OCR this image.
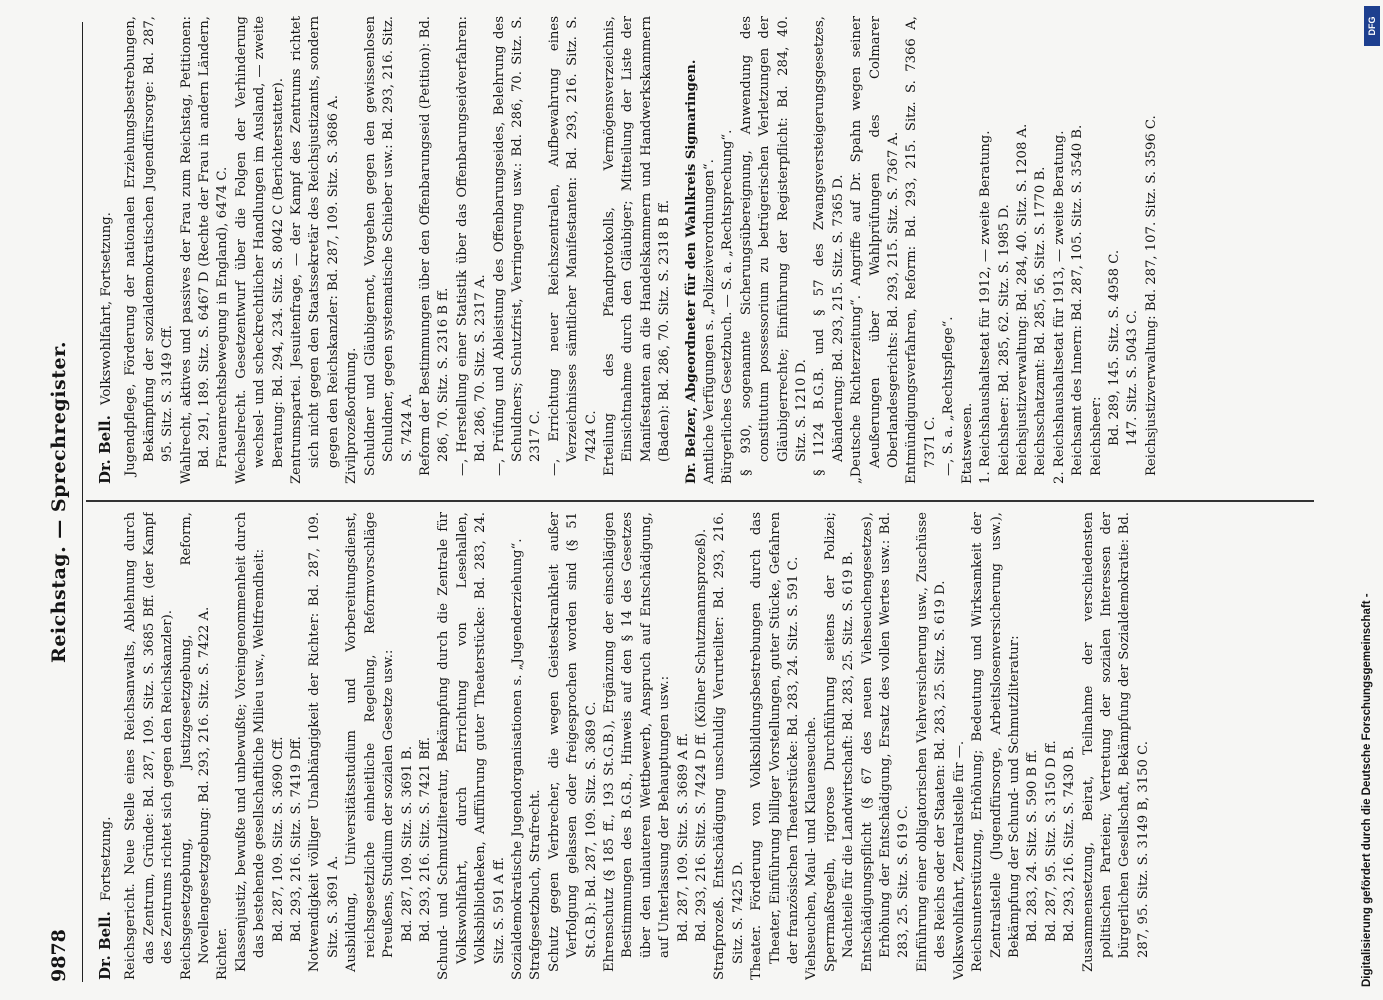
9878
Reichstag. — Sprechregister.

Dr. Bell. Fortsetzung. Reichsgericht. Neue Stelle eines Reichsanwalts, Ablehnung durch das Zentrum, Gründe: Bd. 287, 109. Sitz. S. 3685 Bff. (der Kampf des Zentrums richtet sich gegen den Reichskanzler). Reichsgesetzgebung, Justizgesetzgebung, Reform, Novellengesetzgebung: Bd. 293, 216. Sitz. S. 7422 A. Richter. Klassenjustiz, bewußte und unbewußte; Voreingenommenheit durch das bestehende gesellschaftliche Milieu usw., Weltfremdheit: Bd. 287, 109. Sitz. S. 3690 Cff. Bd. 293, 216. Sitz. S. 7419 Dff. Notwendigkeit völliger Unabhängigkeit der Richter: Bd. 287, 109. Sitz. S. 3691 A. Ausbildung, Universitätsstudium und Vorbereitungsdienst, reichsgesetzliche einheitliche Regelung, Reformvorschläge Preußens, Studium der sozialen Gesetze usw.: Bd. 287, 109. Sitz. S. 3691 B. Bd. 293, 216. Sitz. S. 7421 Bff. Schund- und Schmutzliteratur, Bekämpfung durch die Zentrale für Volkswohlfahrt, durch Errichtung von Lesehallen, Volksbibliotheken, Aufführung guter Theaterstücke: Bd. 283, 24. Sitz. S. 591 A ff. Sozialdemokratische Jugendorganisationen s. „Jugenderziehung“. Strafgesetzbuch, Strafrecht. Schutz gegen Verbrecher, die wegen Geisteskrankheit außer Verfolgung gelassen oder freigesprochen worden sind (§ 51 St.G.B.): Bd. 287, 109. Sitz. S. 3689 C. Ehrenschutz (§ 185 ff., 193 St.G.B.), Ergänzung der einschlägigen Bestimmungen des B.G.B., Hinweis auf den § 14 des Gesetzes über den unlauteren Wettbewerb, Anspruch auf Entschädigung, auf Unterlassung der Behauptungen usw.: Bd. 287, 109. Sitz. S. 3689 A ff. Bd. 293, 216. Sitz. S. 7424 D ff. (Kölner Schutzmannsprozeß). Strafprozeß. Entschädigung unschuldig Verurteilter: Bd. 293, 216. Sitz. S. 7425 D. Theater. Förderung von Volksbildungsbestrebungen durch das Theater, Einführung billiger Vorstellungen, guter Stücke, Gefahren der französischen Theaterstücke: Bd. 283, 24. Sitz. S. 591 C. Viehseuchen, Maul- und Klauenseuche. Sperrmaßregeln, rigorose Durchführung seitens der Polizei; Nachteile für die Landwirtschaft: Bd. 283, 25. Sitz. S. 619 B. Entschädigungspflicht (§ 67 des neuen Viehseuchengesetzes), Erhöhung der Entschädigung, Ersatz des vollen Wertes usw.: Bd. 283, 25. Sitz. S. 619 C. Einführung einer obligatorischen Viehversicherung usw., Zuschüsse des Reichs oder der Staaten: Bd. 283, 25. Sitz. S. 619 D. Volkswohlfahrt, Zentralstelle für —. Reichsunterstützung, Erhöhung; Bedeutung und Wirksamkeit der Zentralstelle (Jugendfürsorge, Arbeitslosenversicherung usw.), Bekämpfung der Schund- und Schmutzliteratur: Bd. 283, 24. Sitz. S. 590 B ff. Bd. 287, 95. Sitz. S. 3150 D ff. Bd. 293, 216. Sitz. S. 7430 B. Zusammensetzung, Beirat, Teilnahme der verschiedensten politischen Parteien; Vertretung der sozialen Interessen der bürgerlichen Gesellschaft, Bekämpfung der Sozialdemokratie: Bd. 287, 95. Sitz. S. 3149 B, 3150 C.

Dr. Bell. Volkswohlfahrt, Fortsetzung. Jugendpflege, Förderung der nationalen Erziehungsbestrebungen, Bekämpfung der sozialdemokratischen Jugendfürsorge: Bd. 287, 95. Sitz. S. 3149 Cff. Wahlrecht, aktives und passives der Frau zum Reichstag, Petitionen: Bd. 291, 189. Sitz. S. 6467 D (Rechte der Frau in andern Ländern, Frauenrechtsbewegung in England), 6474 C. Wechselrecht. Gesetzentwurf über die Folgen der Verhinderung wechsel- und scheckrechtlicher Handlungen im Ausland, — zweite Beratung: Bd. 294, 234. Sitz. S. 8042 C (Berichterstatter). Zentrumspartei. Jesuitenfrage, — der Kampf des Zentrums richtet sich nicht gegen den Staatssekretär des Reichsjustizamts, sondern gegen den Reichskanzler: Bd. 287, 109. Sitz. S. 3686 A. Zivilprozeßordnung. Schuldner und Gläubigernot, Vorgehen gegen den gewissenlosen Schuldner, gegen systematische Schieber usw.: Bd. 293, 216. Sitz. S. 7424 A. Reform der Bestimmungen über den Offenbarungseid (Petition): Bd. 286, 70. Sitz. S. 2316 B ff. —, Herstellung einer Statistik über das Offenbarungseidverfahren: Bd. 286, 70. Sitz. S. 2317 A. —, Prüfung und Ableistung des Offenbarungseides, Belehrung des Schuldners; Schutzfrist, Verringerung usw.: Bd. 286, 70. Sitz. S. 2317 C. —, Errichtung neuer Reichszentralen, Aufbewahrung eines Verzeichnisses sämtlicher Manifestanten: Bd. 293, 216. Sitz. S. 7424 C. Erteilung des Pfandprotokolls, Vermögensverzeichnis, Einsichtnahme durch den Gläubiger; Mitteilung der Liste der Manifestanten an die Handelskammern und Handwerkskammern (Baden): Bd. 286, 70. Sitz. S. 2318 B ff. Dr. Belzer, Abgeordneter für den Wahlkreis Sigmaringen. Amtliche Verfügungen s. „Polizeiverordnungen“. Bürgerliches Gesetzbuch. — S. a. „Rechtsprechung“. § 930, sogenannte Sicherungsübereignung, Anwendung des constitutum possessorium zu betrügerischen Verletzungen der Gläubigerrechte; Einführung der Registerpflicht: Bd. 284, 40. Sitz. S. 1210 D. § 1124 B.G.B. und § 57 des Zwangsversteigerungsgesetzes, Abänderung: Bd. 293, 215. Sitz. S. 7365 D. „Deutsche Richterzeitung“. Angriffe auf Dr. Spahn wegen seiner Aeußerungen über Wahlprüfungen des Colmarer Oberlandesgerichts: Bd. 293, 215. Sitz. S. 7367 A. Entmündigungsverfahren, Reform: Bd. 293, 215. Sitz. S. 7366 A, 7371 C. —, S. a. „Rechtspflege“. Etatswesen. 1. Reichshaushaltsetat für 1912, — zweite Beratung. Reichsheer: Bd. 285, 62. Sitz. S. 1985 D. Reichsjustizverwaltung: Bd. 284, 40. Sitz. S. 1208 A. Reichsschatzamt: Bd. 285, 56. Sitz. S. 1770 B. 2. Reichshaushaltsetat für 1913, — zweite Beratung. Reichsamt des Innern: Bd. 287, 105. Sitz. S. 3540 B. Reichsheer: Bd. 289, 145. Sitz. S. 4958 C. 147. Sitz. S. 5043 C. Reichsjustizverwaltung: Bd. 287, 107. Sitz. S. 3596 C.

DFG
Digitalisierung gefördert durch die Deutsche Forschungsgemeinschaft -
